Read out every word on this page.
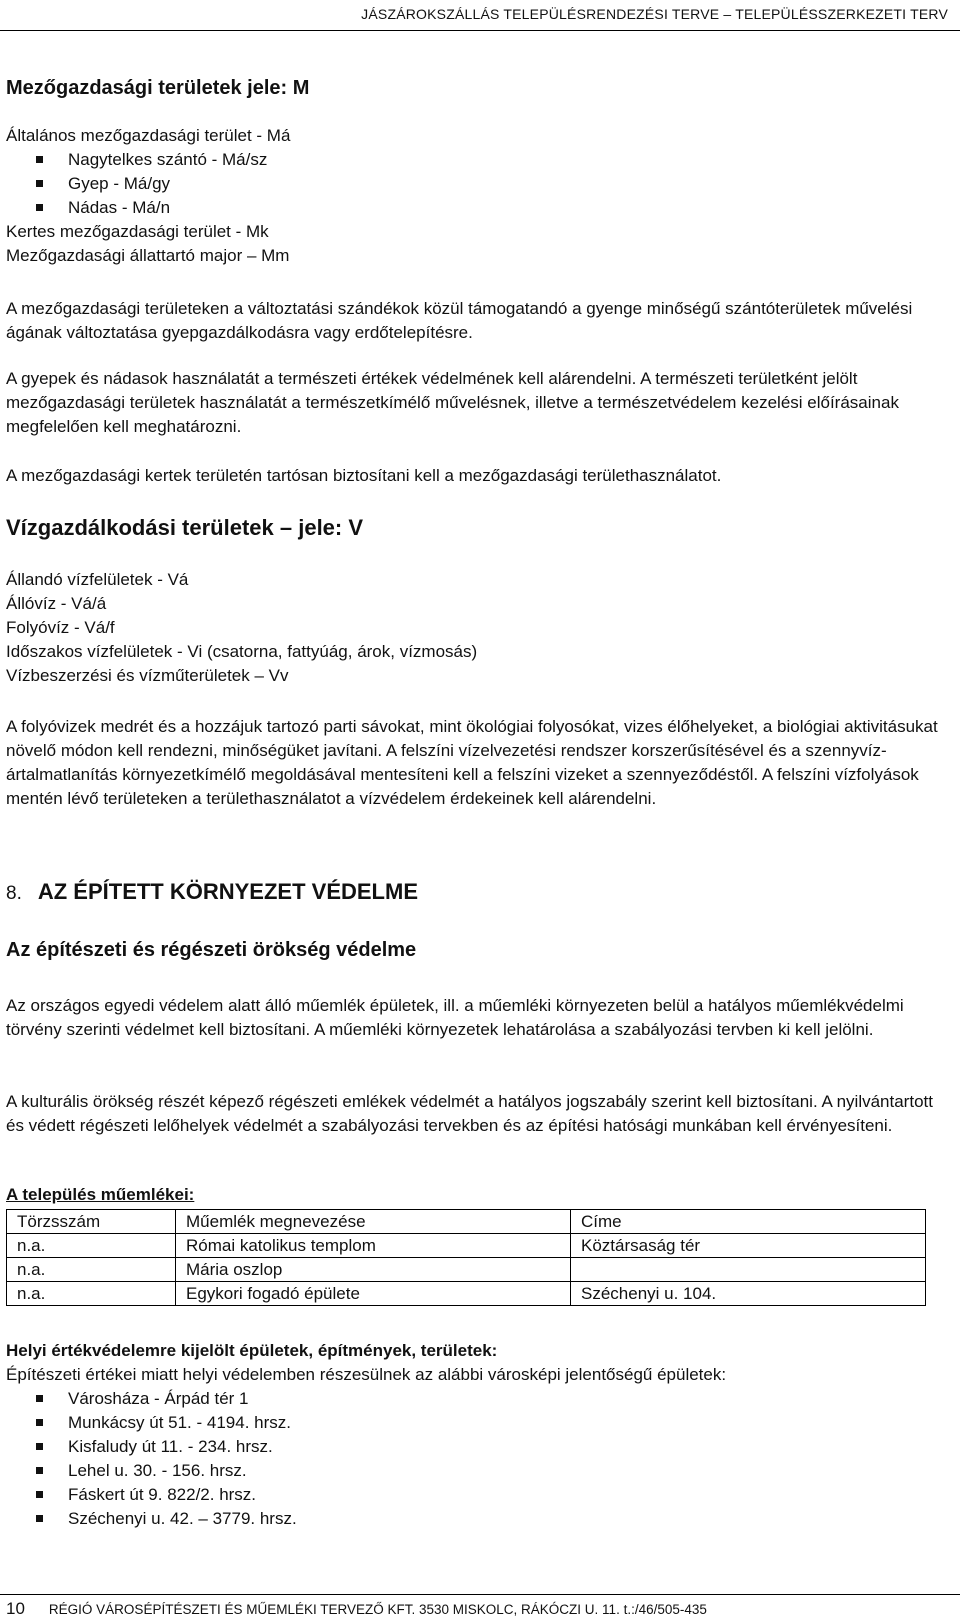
JÁSZÁROKSZÁLLÁS TELEPÜLÉSRENDEZÉSI TERVE – TELEPÜLÉSSZERKEZETI TERV

Mezőgazdasági területek jele: M

Általános mezőgazdasági terület - Má

Nagytelkes szántó - Má/sz

Gyep - Má/gy

Nádas - Má/n

Kertes mezőgazdasági terület - Mk

Mezőgazdasági állattartó major – Mm

A mezőgazdasági területeken a változtatási szándékok közül támogatandó a gyenge minőségű szántóterületek művelési ágának változtatása gyepgazdálkodásra vagy erdőtelepítésre.

A gyepek és nádasok használatát a természeti értékek védelmének kell alárendelni. A természeti területként jelölt mezőgazdasági területek használatát a természetkímélő művelésnek, illetve a természetvédelem kezelési előírásainak megfelelően kell meghatározni.

A mezőgazdasági kertek területén tartósan biztosítani kell a mezőgazdasági területhasználatot.

Vízgazdálkodási területek – jele: V

Állandó vízfelületek - Vá

Állóvíz - Vá/á

Folyóvíz - Vá/f

Időszakos vízfelületek - Vi (csatorna, fattyúág, árok, vízmosás)

Vízbeszerzési és vízműterületek – Vv

A folyóvizek medrét és a hozzájuk tartozó parti sávokat, mint ökológiai folyosókat, vizes élőhelyeket, a biológiai aktivitásukat növelő módon kell rendezni, minőségüket javítani. A felszíni vízelvezetési rendszer korszerűsítésével és a szennyvíz-ártalmatlanítás környezetkímélő megoldásával mentesíteni kell a felszíni vizeket a szennyeződéstől. A felszíni vízfolyások mentén lévő területeken a területhasználatot a vízvédelem érdekeinek kell alárendelni.

8. AZ ÉPÍTETT KÖRNYEZET VÉDELME

Az építészeti és régészeti örökség védelme

Az országos egyedi védelem alatt álló műemlék épületek, ill. a műemléki környezeten belül a hatályos műemlékvédelmi törvény szerinti védelmet kell biztosítani. A műemléki környezetek lehatárolása a szabályozási tervben ki kell jelölni.

A kulturális örökség részét képező régészeti emlékek védelmét a hatályos jogszabály szerint kell biztosítani. A nyilvántartott és védett régészeti lelőhelyek védelmét a szabályozási tervekben és az építési hatósági munkában kell érvényesíteni.

A település műemlékei:

Törzsszám	Műemlék megnevezése	Címe
n.a.	Római katolikus templom	Köztársaság tér
n.a.	Mária oszlop	
n.a.	Egykori fogadó épülete	Széchenyi u. 104.

Helyi értékvédelemre kijelölt épületek, építmények, területek:

Építészeti értékei miatt helyi védelemben részesülnek az alábbi városképi jelentőségű épületek:

Városháza - Árpád tér 1

Munkácsy út 51. - 4194. hrsz.

Kisfaludy út 11. - 234. hrsz.

Lehel u. 30. - 156. hrsz.

Fáskert út 9. 822/2. hrsz.

Széchenyi u. 42. – 3779. hrsz.

10 RÉGIÓ VÁROSÉPÍTÉSZETI ÉS MŰEMLÉKI TERVEZŐ KFT. 3530 MISKOLC, RÁKÓCZI U. 11. t.:/46/505-435
